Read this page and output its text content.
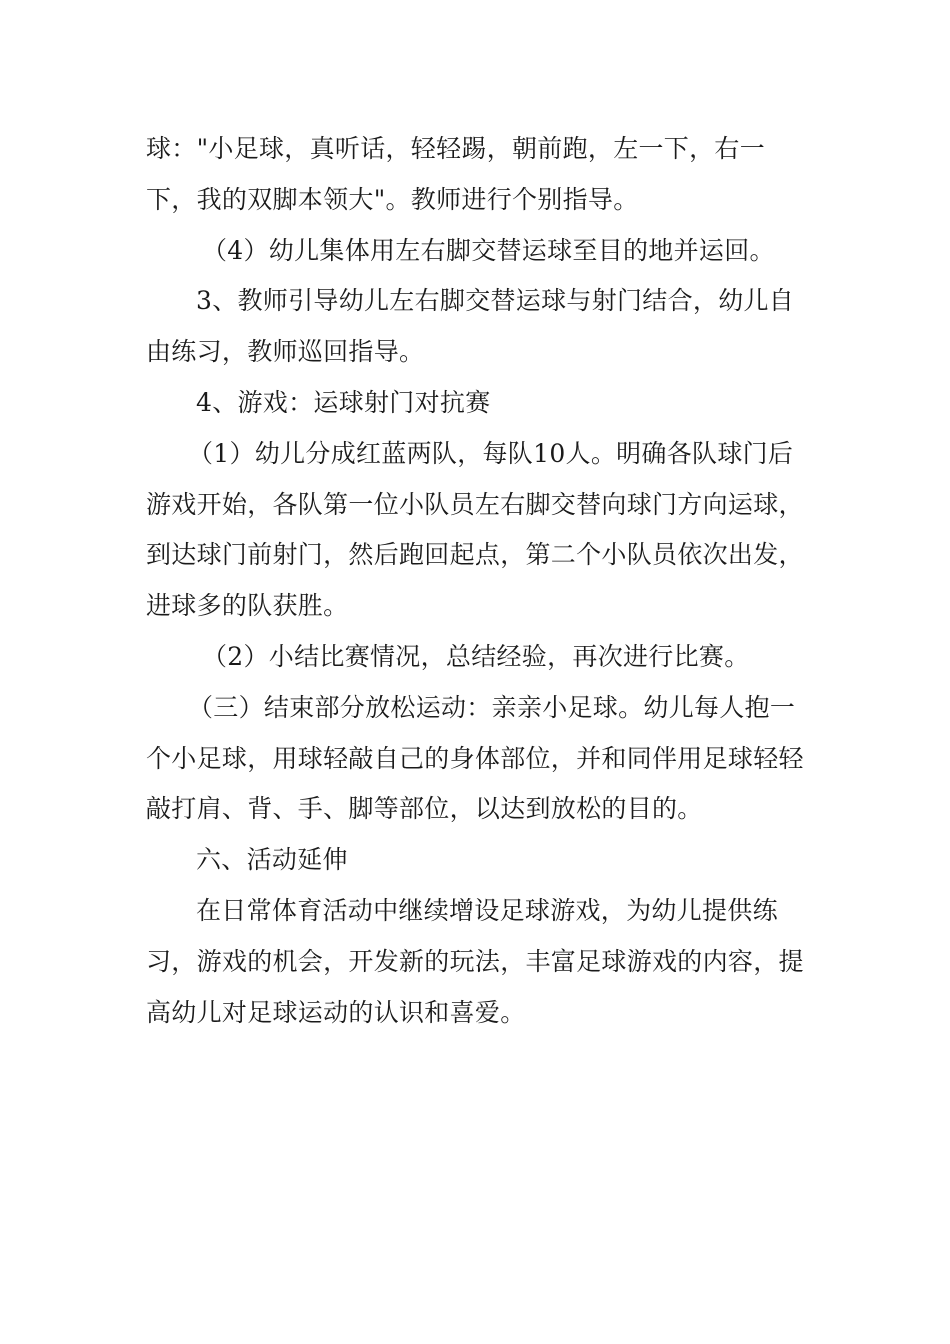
球："小足球，真听话，轻轻踢，朝前跑，左一下，右一下，我的双脚本领大"。教师进行个别指导。

（4）幼儿集体用左右脚交替运球至目的地并运回。

3、教师引导幼儿左右脚交替运球与射门结合，幼儿自由练习，教师巡回指导。

4、游戏：运球射门对抗赛

（1）幼儿分成红蓝两队，每队10人。明确各队球门后游戏开始，各队第一位小队员左右脚交替向球门方向运球，到达球门前射门，然后跑回起点，第二个小队员依次出发，进球多的队获胜。

（2）小结比赛情况，总结经验，再次进行比赛。

（三）结束部分放松运动：亲亲小足球。幼儿每人抱一个小足球，用球轻敲自己的身体部位，并和同伴用足球轻轻敲打肩、背、手、脚等部位，以达到放松的目的。

六、活动延伸

在日常体育活动中继续增设足球游戏，为幼儿提供练习，游戏的机会，开发新的玩法，丰富足球游戏的内容，提高幼儿对足球运动的认识和喜爱。
